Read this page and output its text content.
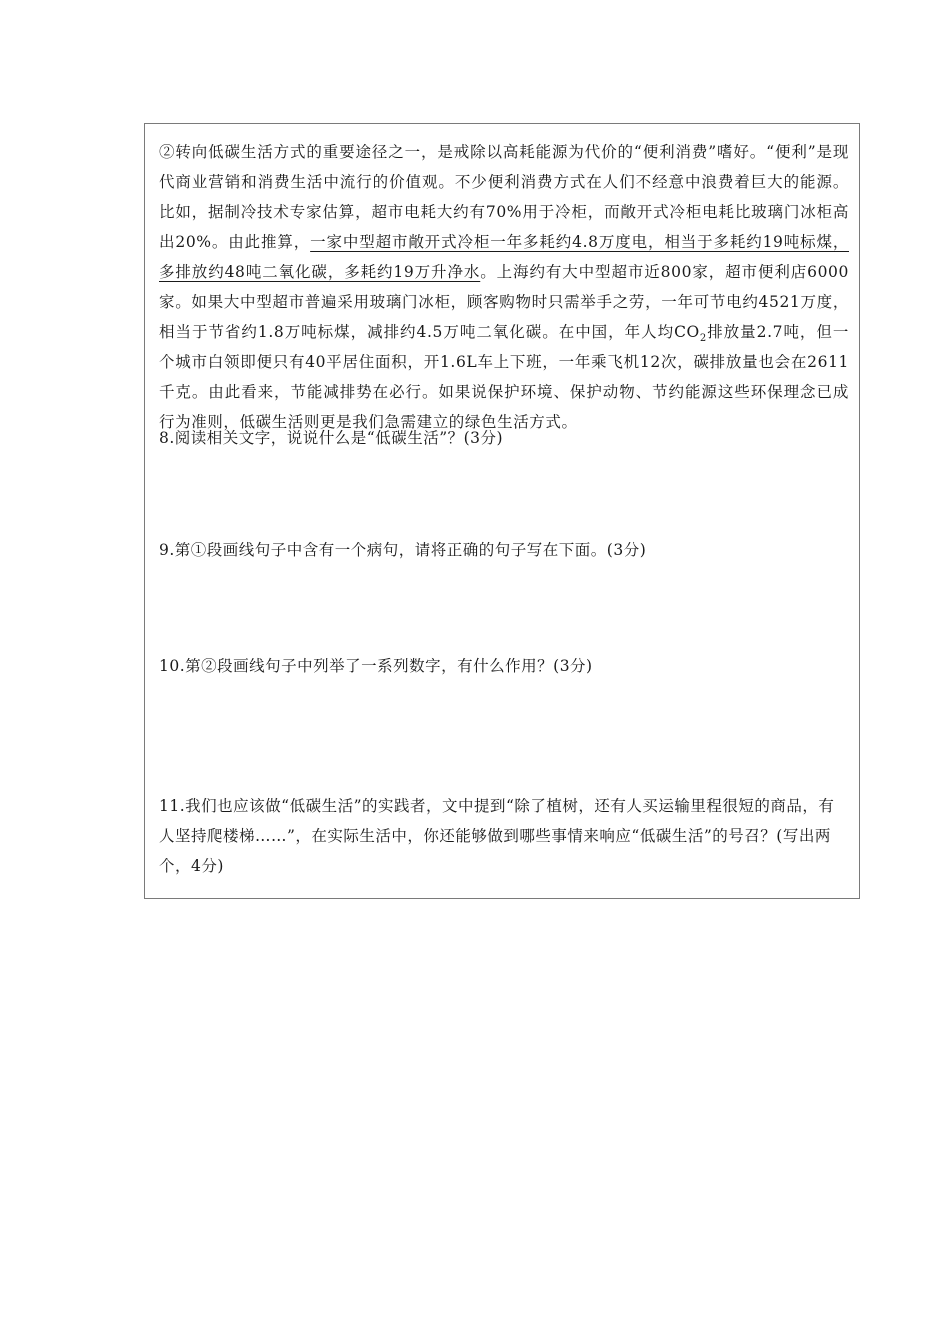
②转向低碳生活方式的重要途径之一，是戒除以高耗能源为代价的“便利消费”嗜好。“便利”是现代商业营销和消费生活中流行的价值观。不少便利消费方式在人们不经意中浪费着巨大的能源。比如，据制冷技术专家估算，超市电耗大约有70%用于冷柜，而敞开式冷柜电耗比玻璃门冰柜高出20%。由此推算，一家中型超市敞开式冷柜一年多耗约4.8万度电，相当于多耗约19吨标煤，多排放约48吨二氧化碳，多耗约19万升净水。上海约有大中型超市近800家，超市便利店6000家。如果大中型超市普遍采用玻璃门冰柜，顾客购物时只需举手之劳，一年可节电约4521万度，相当于节省约1.8万吨标煤，减排约4.5万吨二氧化碳。在中国，年人均$CO_2$排放量2.7吨，但一个城市白领即便只有40平居住面积，开1.6L车上下班，一年乘飞机12次，碳排放量也会在2611千克。由此看来，节能减排势在必行。如果说保护环境、保护动物、节约能源这些环保理念已成行为准则，低碳生活则更是我们急需建立的绿色生活方式。

8.阅读相关文字，说说什么是“低碳生活”？(3分)

9.第①段画线句子中含有一个病句，请将正确的句子写在下面。(3分)

10.第②段画线句子中列举了一系列数字，有什么作用？(3分)

11.我们也应该做“低碳生活”的实践者，文中提到“除了植树，还有人买运输里程很短的商品，有人坚持爬楼梯……”，在实际生活中，你还能够做到哪些事情来响应“低碳生活”的号召？(写出两个，4分)
